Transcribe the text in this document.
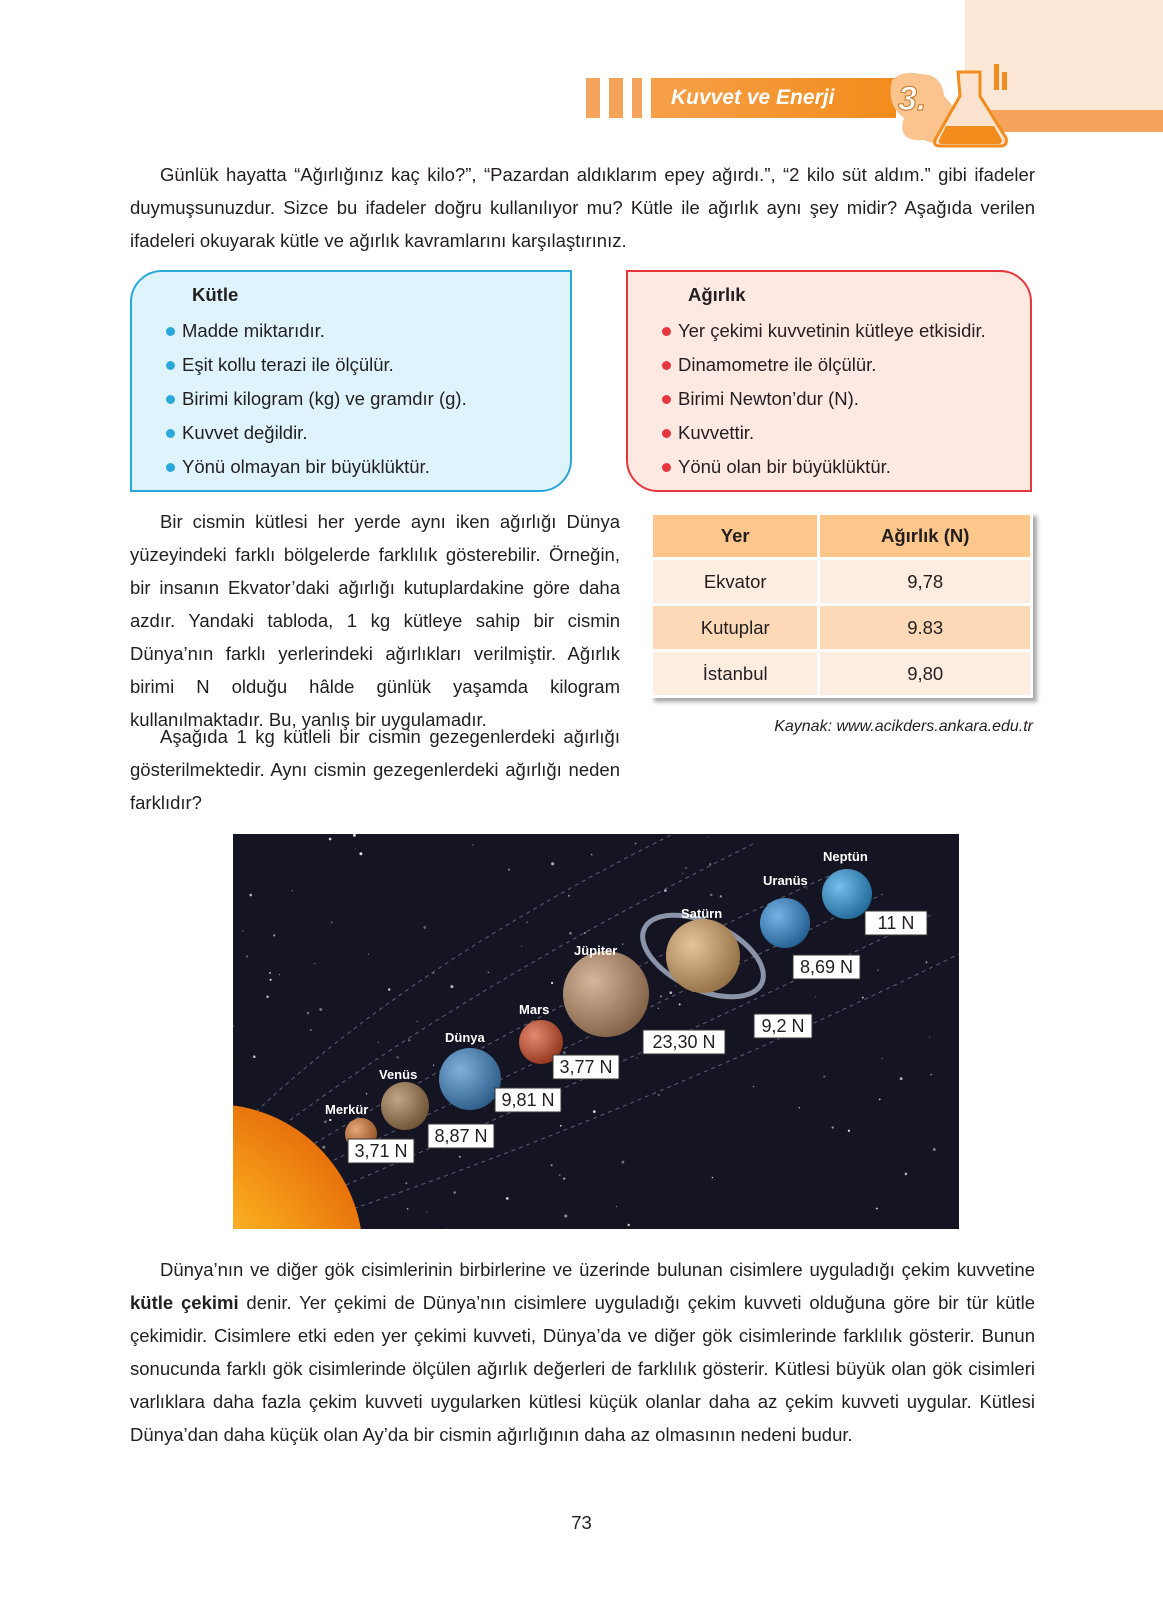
Kuvvet ve Enerji	3.

Günlük hayatta “Ağırlığınız kaç kilo?”, “Pazardan aldıklarım epey ağırdı.”, “2 kilo süt aldım.” gibi ifadeler duymuşsunuzdur. Sizce bu ifadeler doğru kullanılıyor mu? Kütle ile ağırlık aynı şey midir? Aşağıda verilen ifadeleri okuyarak kütle ve ağırlık kavramlarını karşılaştırınız.

Kütle
Madde miktarıdır.
Eşit kollu terazi ile ölçülür.
Birimi kilogram (kg) ve gramdır (g).
Kuvvet değildir.
Yönü olmayan bir büyüklüktür.
Ağırlık
Yer çekimi kuvvetinin kütleye etkisidir.
Dinamometre ile ölçülür.
Birimi Newton’dur (N).
Kuvvettir.
Yönü olan bir büyüklüktür.

Bir cismin kütlesi her yerde aynı iken ağırlığı Dünya yüzeyindeki farklı bölgelerde farklılık gösterebilir. Örneğin, bir insanın Ekvator’daki ağırlığı kutuplardakine göre daha azdır. Yandaki tabloda, 1 kg kütleye sahip bir cismin Dünya’nın farklı yerlerindeki ağırlıkları verilmiştir. Ağırlık birimi N olduğu hâlde günlük yaşamda kilogram kullanılmaktadır. Bu, yanlış bir uygulamadır.

Aşağıda 1 kg kütleli bir cismin gezegenlerdeki ağırlığı gösterilmektedir. Aynı cismin gezegenlerdeki ağırlığı neden farklıdır?

Yer	Ağırlık (N)
Ekvator	9,78
Kutuplar	9.83
İstanbul	9,80
Kaynak: www.acikders.ankara.edu.tr
Merkür
3,71 N
Venüs
8,87 N
Dünya
9,81 N
Mars
3,77 N
Jüpiter
23,30 N
Satürn
9,2 N
Uranüs
8,69 N
Neptün
11 N

Dünya’nın ve diğer gök cisimlerinin birbirlerine ve üzerinde bulunan cisimlere uyguladığı çekim kuvvetine kütle çekimi denir. Yer çekimi de Dünya’nın cisimlere uyguladığı çekim kuvveti olduğuna göre bir tür kütle çekimidir. Cisimlere etki eden yer çekimi kuvveti, Dünya’da ve diğer gök cisimlerinde farklılık gösterir. Bunun sonucunda farklı gök cisimlerinde ölçülen ağırlık değerleri de farklılık gösterir. Kütlesi büyük olan gök cisimleri varlıklara daha fazla çekim kuvveti uygularken kütlesi küçük olanlar daha az çekim kuvveti uygular. Kütlesi Dünya’dan daha küçük olan Ay’da bir cismin ağırlığının daha az olmasının nedeni budur.

73
